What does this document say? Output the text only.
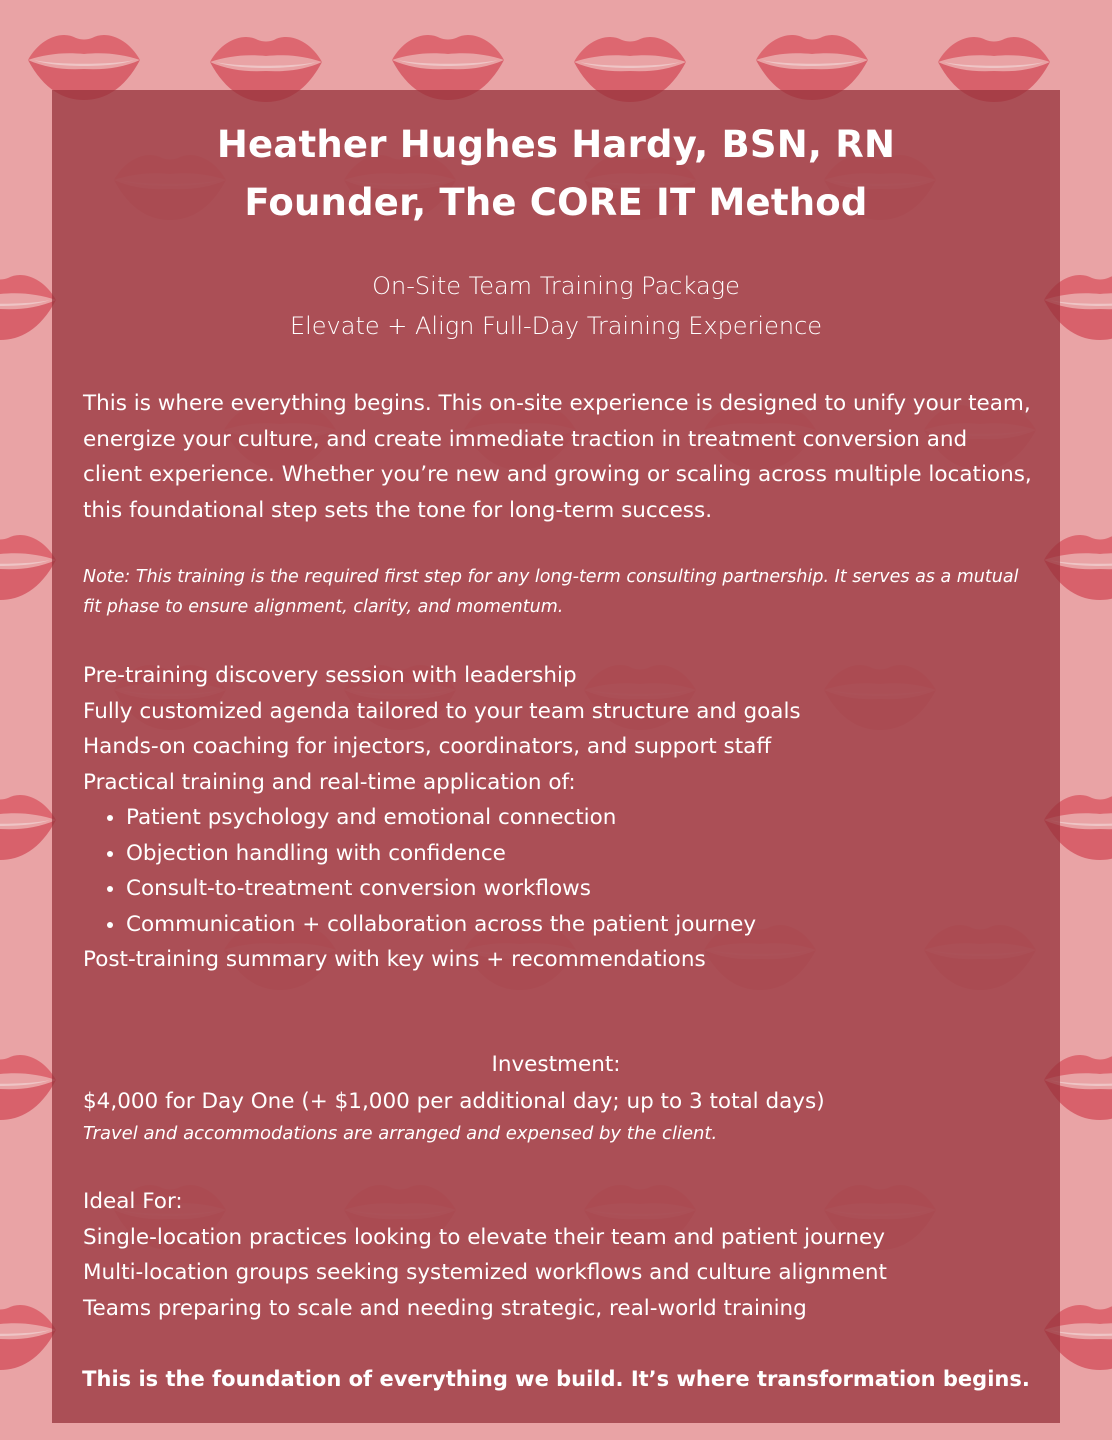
Heather Hughes Hardy, BSN, RN
Founder, The CORE IT Method
On-Site Team Training Package
Elevate + Align Full-Day Training Experience

This is where everything begins. This on-site experience is designed to unify your team, energize your culture, and create immediate traction in treatment conversion and client experience. Whether you’re new and growing or scaling across multiple locations, this foundational step sets the tone for long-term success.

Note: This training is the required first step for any long-term consulting partnership. It serves as a mutual fit phase to ensure alignment, clarity, and momentum.

Pre-training discovery session with leadership
Fully customized agenda tailored to your team structure and goals
Hands-on coaching for injectors, coordinators, and support staff
Practical training and real-time application of:
• Patient psychology and emotional connection
• Objection handling with confidence
• Consult-to-treatment conversion workflows
• Communication + collaboration across the patient journey
Post-training summary with key wins + recommendations
Investment:

$4,000 for Day One (+ $1,000 per additional day; up to 3 total days)

Travel and accommodations are arranged and expensed by the client.
Ideal For:
Single-location practices looking to elevate their team and patient journey
Multi-location groups seeking systemized workflows and culture alignment
Teams preparing to scale and needing strategic, real-world training
This is the foundation of everything we build. It’s where transformation begins.
